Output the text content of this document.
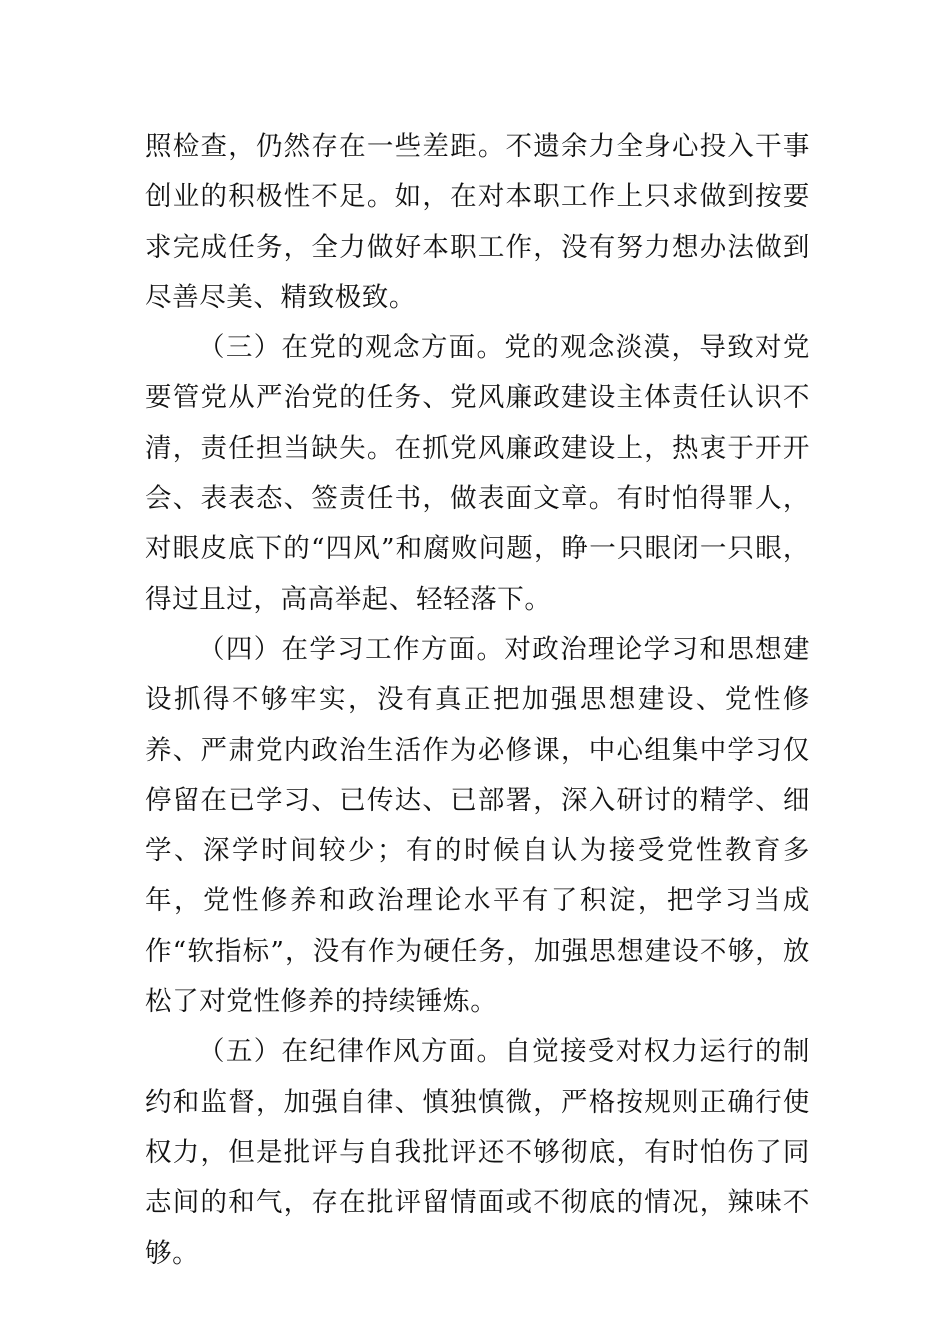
照检查，仍然存在一些差距。不遗余力全身心投入干事创业的积极性不足。如，在对本职工作上只求做到按要求完成任务，全力做好本职工作，没有努力想办法做到尽善尽美、精致极致。

（三）在党的观念方面。党的观念淡漠，导致对党要管党从严治党的任务、党风廉政建设主体责任认识不清，责任担当缺失。在抓党风廉政建设上，热衷于开开会、表表态、签责任书，做表面文章。有时怕得罪人，对眼皮底下的“四风”和腐败问题，睁一只眼闭一只眼，得过且过，高高举起、轻轻落下。

（四）在学习工作方面。对政治理论学习和思想建设抓得不够牢实，没有真正把加强思想建设、党性修养、严肃党内政治生活作为必修课，中心组集中学习仅停留在已学习、已传达、已部署，深入研讨的精学、细学、深学时间较少；有的时候自认为接受党性教育多年，党性修养和政治理论水平有了积淀，把学习当成作“软指标”，没有作为硬任务，加强思想建设不够，放松了对党性修养的持续锤炼。

（五）在纪律作风方面。自觉接受对权力运行的制约和监督，加强自律、慎独慎微，严格按规则正确行使权力，但是批评与自我批评还不够彻底，有时怕伤了同志间的和气，存在批评留情面或不彻底的情况，辣味不够。
